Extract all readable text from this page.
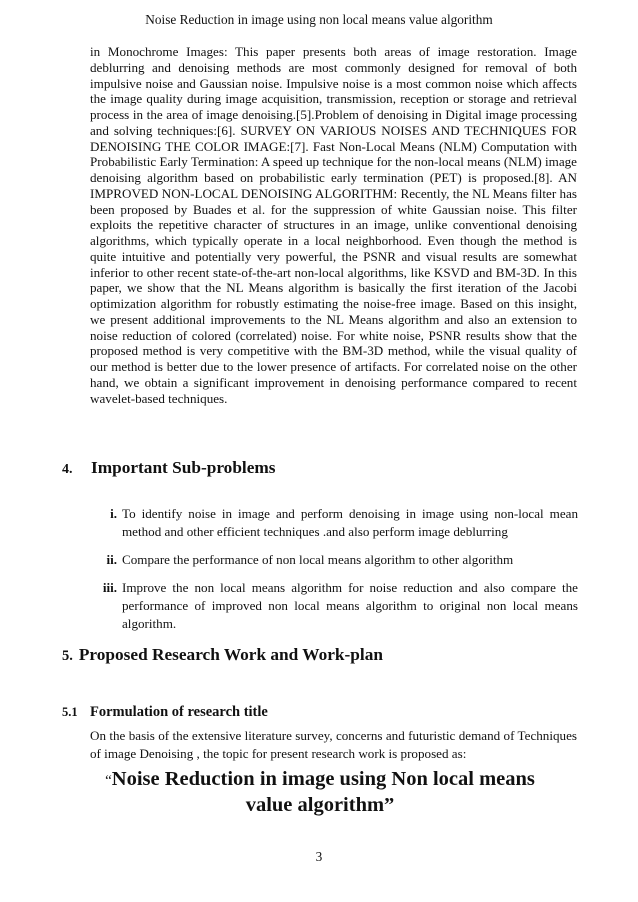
Noise Reduction in image using non local means value algorithm

in Monochrome Images: This paper presents both areas of image restoration. Image deblurring and denoising methods are most commonly designed for removal of both impulsive noise and Gaussian noise. Impulsive noise is a most common noise which affects the image quality during image acquisition, transmission, reception or storage and retrieval process in the area of image denoising.[5].Problem of denoising in Digital image processing and solving techniques:[6]. SURVEY ON VARIOUS NOISES AND TECHNIQUES FOR DENOISING THE COLOR IMAGE:[7]. Fast Non-Local Means (NLM) Computation with Probabilistic Early Termination: A speed up technique for the non-local means (NLM) image denoising algorithm based on probabilistic early termination (PET) is proposed.[8]. AN IMPROVED NON-LOCAL DENOISING ALGORITHM: Recently, the NL Means filter has been proposed by Buades et al. for the suppression of white Gaussian noise. This filter exploits the repetitive character of structures in an image, unlike conventional denoising algorithms, which typically operate in a local neighborhood. Even though the method is quite intuitive and potentially very powerful, the PSNR and visual results are somewhat inferior to other recent state-of-the-art non-local algorithms, like KSVD and BM-3D. In this paper, we show that the NL Means algorithm is basically the first iteration of the Jacobi optimization algorithm for robustly estimating the noise-free image. Based on this insight, we present additional improvements to the NL Means algorithm and also an extension to noise reduction of colored (correlated) noise. For white noise, PSNR results show that the proposed method is very competitive with the BM-3D method, while the visual quality of our method is better due to the lower presence of artifacts. For correlated noise on the other hand, we obtain a significant improvement in denoising performance compared to recent wavelet-based techniques.

4. Important Sub-problems
i. To identify noise in image and perform denoising in image using non-local mean method and other efficient techniques .and also perform image deblurring
ii. Compare the performance of non local means algorithm to other algorithm
iii. Improve the non local means algorithm for noise reduction and also compare the performance of improved non local means algorithm to original non local means algorithm.
5. Proposed Research Work and Work-plan
5.1 Formulation of research title

On the basis of the extensive literature survey, concerns and futuristic demand of Techniques of image Denoising , the topic for present research work is proposed as:

“Noise Reduction in image using Non local means value algorithm”

3
